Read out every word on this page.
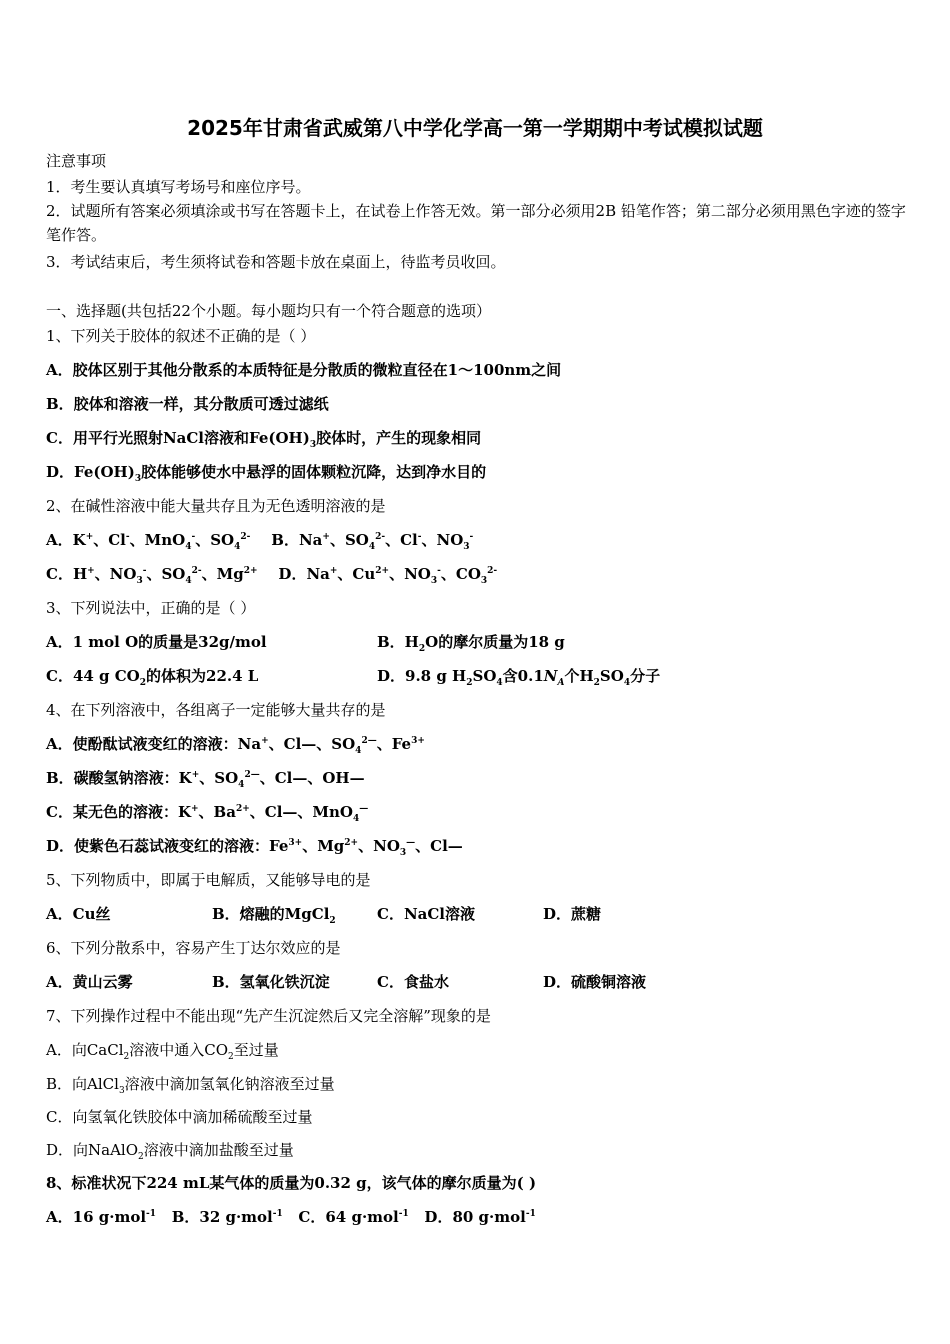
2025年甘肃省武威第八中学化学高一第一学期期中考试模拟试题
注意事项
1．考生要认真填写考场号和座位序号。
2．试题所有答案必须填涂或书写在答题卡上，在试卷上作答无效。第一部分必须用2B 铅笔作答；第二部分必须用黑色字迹的签字笔作答。
3．考试结束后，考生须将试卷和答题卡放在桌面上，待监考员收回。
一、选择题(共包括22个小题。每小题均只有一个符合题意的选项）
1、下列关于胶体的叙述不正确的是（ ）
A．胶体区别于其他分散系的本质特征是分散质的微粒直径在1～100nm之间
B．胶体和溶液一样，其分散质可透过滤纸
C．用平行光照射NaCl溶液和$Fe(OH)_3$胶体时，产生的现象相同
D．$Fe(OH)_3$胶体能够使水中悬浮的固体颗粒沉降，达到净水目的
2、在碱性溶液中能大量共存且为无色透明溶液的是
A．K+、Cl-、MnO$_4$-、$SO_4^{2-}$    B．Na+、$SO_4^{2-}$、Cl-、$NO_3^-$
C．H+、$NO_3^-$、$SO_4^{2-}$、$Mg^{2+}$    D．Na+、$Cu^{2+}$、$NO_3^-$、$CO_3^{2-}$
3、下列说法中，正确的是（ ）
A．1 mol O的质量是32g/mol	B．$H_2O$的摩尔质量为18 g
C．44 g $CO_2$的体积为22.4 L	D．9.8 g $H_2SO_4$含$0.1N_A$个$H_2SO_4$分子
4、在下列溶液中，各组离子一定能够大量共存的是
A．使酚酞试液变红的溶液：Na+、Cl—、$SO_4^{2—}$、$Fe^{3+}$
B．碳酸氢钠溶液：K+、$SO_4^{2—}$、Cl—、OH—
C．某无色的溶液：K+、$Ba^{2+}$、Cl—、MnO$_4$—
D．使紫色石蕊试液变红的溶液：$Fe^{3+}$、$Mg^{2+}$、$NO_3^—$、Cl—
5、下列物质中，即属于电解质，又能够导电的是
A．Cu丝	B．熔融的MgCl$_2$	C．NaCl溶液	D．蔗糖
6、下列分散系中，容易产生丁达尔效应的是
A．黄山云雾	B．氢氧化铁沉淀	C．食盐水	D．硫酸铜溶液
7、下列操作过程中不能出现“先产生沉淀然后又完全溶解”现象的是
A．向CaCl$_2$溶液中通入$CO_2$至过量
B．向AlCl$_3$溶液中滴加氢氧化钠溶液至过量
C．向氢氧化铁胶体中滴加稀硫酸至过量
D．向NaAlO$_2$溶液中滴加盐酸至过量
8、标准状况下224 mL某气体的质量为0.32 g，该气体的摩尔质量为( )
A．16 g·mol$^{-1}$   B．32 g·mol$^{-1}$   C．64 g·mol$^{-1}$   D．80 g·mol$^{-1}$
